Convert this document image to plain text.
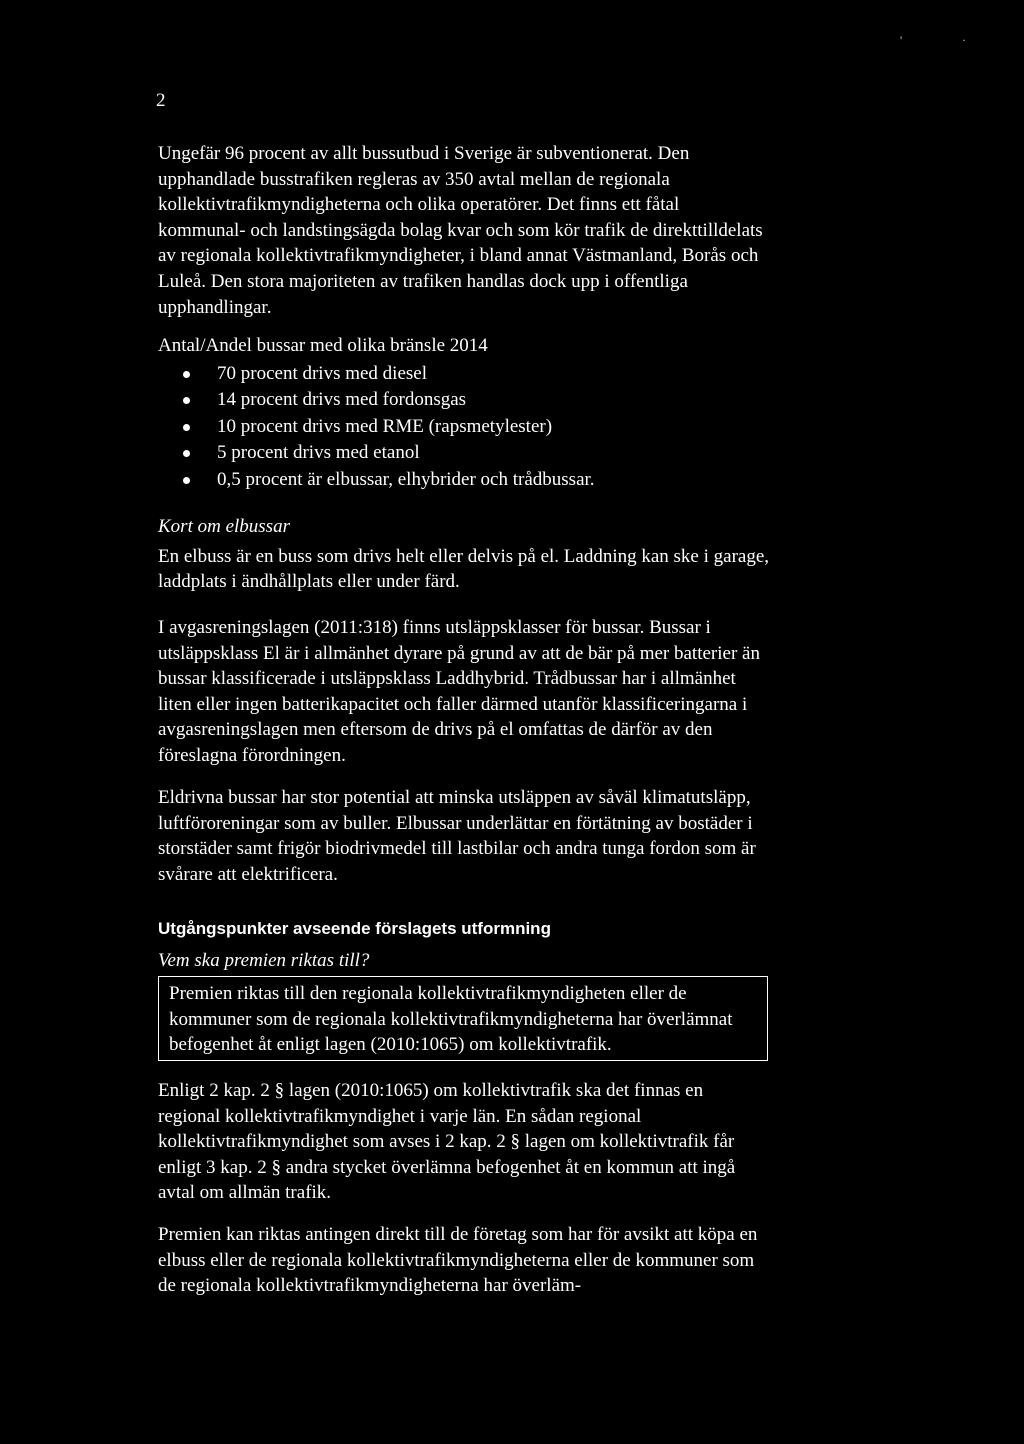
'	·
2

Ungefär 96 procent av allt bussutbud i Sverige är subventionerat. Den upphandlade busstrafiken regleras av 350 avtal mellan de regionala kollektivtrafikmyndigheterna och olika operatörer. Det finns ett fåtal kommunal- och landstingsägda bolag kvar och som kör trafik de direkttilldelats av regionala kollektivtrafikmyndigheter, i bland annat Västmanland, Borås och Luleå. Den stora majoriteten av trafiken handlas dock upp i offentliga upphandlingar.

Antal/Andel bussar med olika bränsle 2014

70 procent drivs med diesel
14 procent drivs med fordonsgas
10 procent drivs med RME (rapsmetylester)
5 procent drivs med etanol
0,5 procent är elbussar, elhybrider och trådbussar.

Kort om elbussar

En elbuss är en buss som drivs helt eller delvis på el. Laddning kan ske i garage, laddplats i ändhållplats eller under färd.

I avgasreningslagen (2011:318) finns utsläppsklasser för bussar. Bussar i utsläppsklass El är i allmänhet dyrare på grund av att de bär på mer batterier än bussar klassificerade i utsläppsklass Laddhybrid. Trådbussar har i allmänhet liten eller ingen batterikapacitet och faller därmed utanför klassificeringarna i avgasreningslagen men eftersom de drivs på el omfattas de därför av den föreslagna förordningen.

Eldrivna bussar har stor potential att minska utsläppen av såväl klimatutsläpp, luftföroreningar som av buller. Elbussar underlättar en förtätning av bostäder i storstäder samt frigör biodrivmedel till lastbilar och andra tunga fordon som är svårare att elektrificera.

Utgångspunkter avseende förslagets utformning
Vem ska premien riktas till?

Premien riktas till den regionala kollektivtrafikmyndigheten eller de kommuner som de regionala kollektivtrafikmyndigheterna har överlämnat befogenhet åt enligt lagen (2010:1065) om kollektivtrafik.

Enligt 2 kap. 2 § lagen (2010:1065) om kollektivtrafik ska det finnas en regional kollektivtrafikmyndighet i varje län. En sådan regional kollektivtrafikmyndighet som avses i 2 kap. 2 § lagen om kollektivtrafik får enligt 3 kap. 2 § andra stycket överlämna befogenhet åt en kommun att ingå avtal om allmän trafik.

Premien kan riktas antingen direkt till de företag som har för avsikt att köpa en elbuss eller de regionala kollektivtrafikmyndigheterna eller de kommuner som de regionala kollektivtrafikmyndigheterna har överläm-
